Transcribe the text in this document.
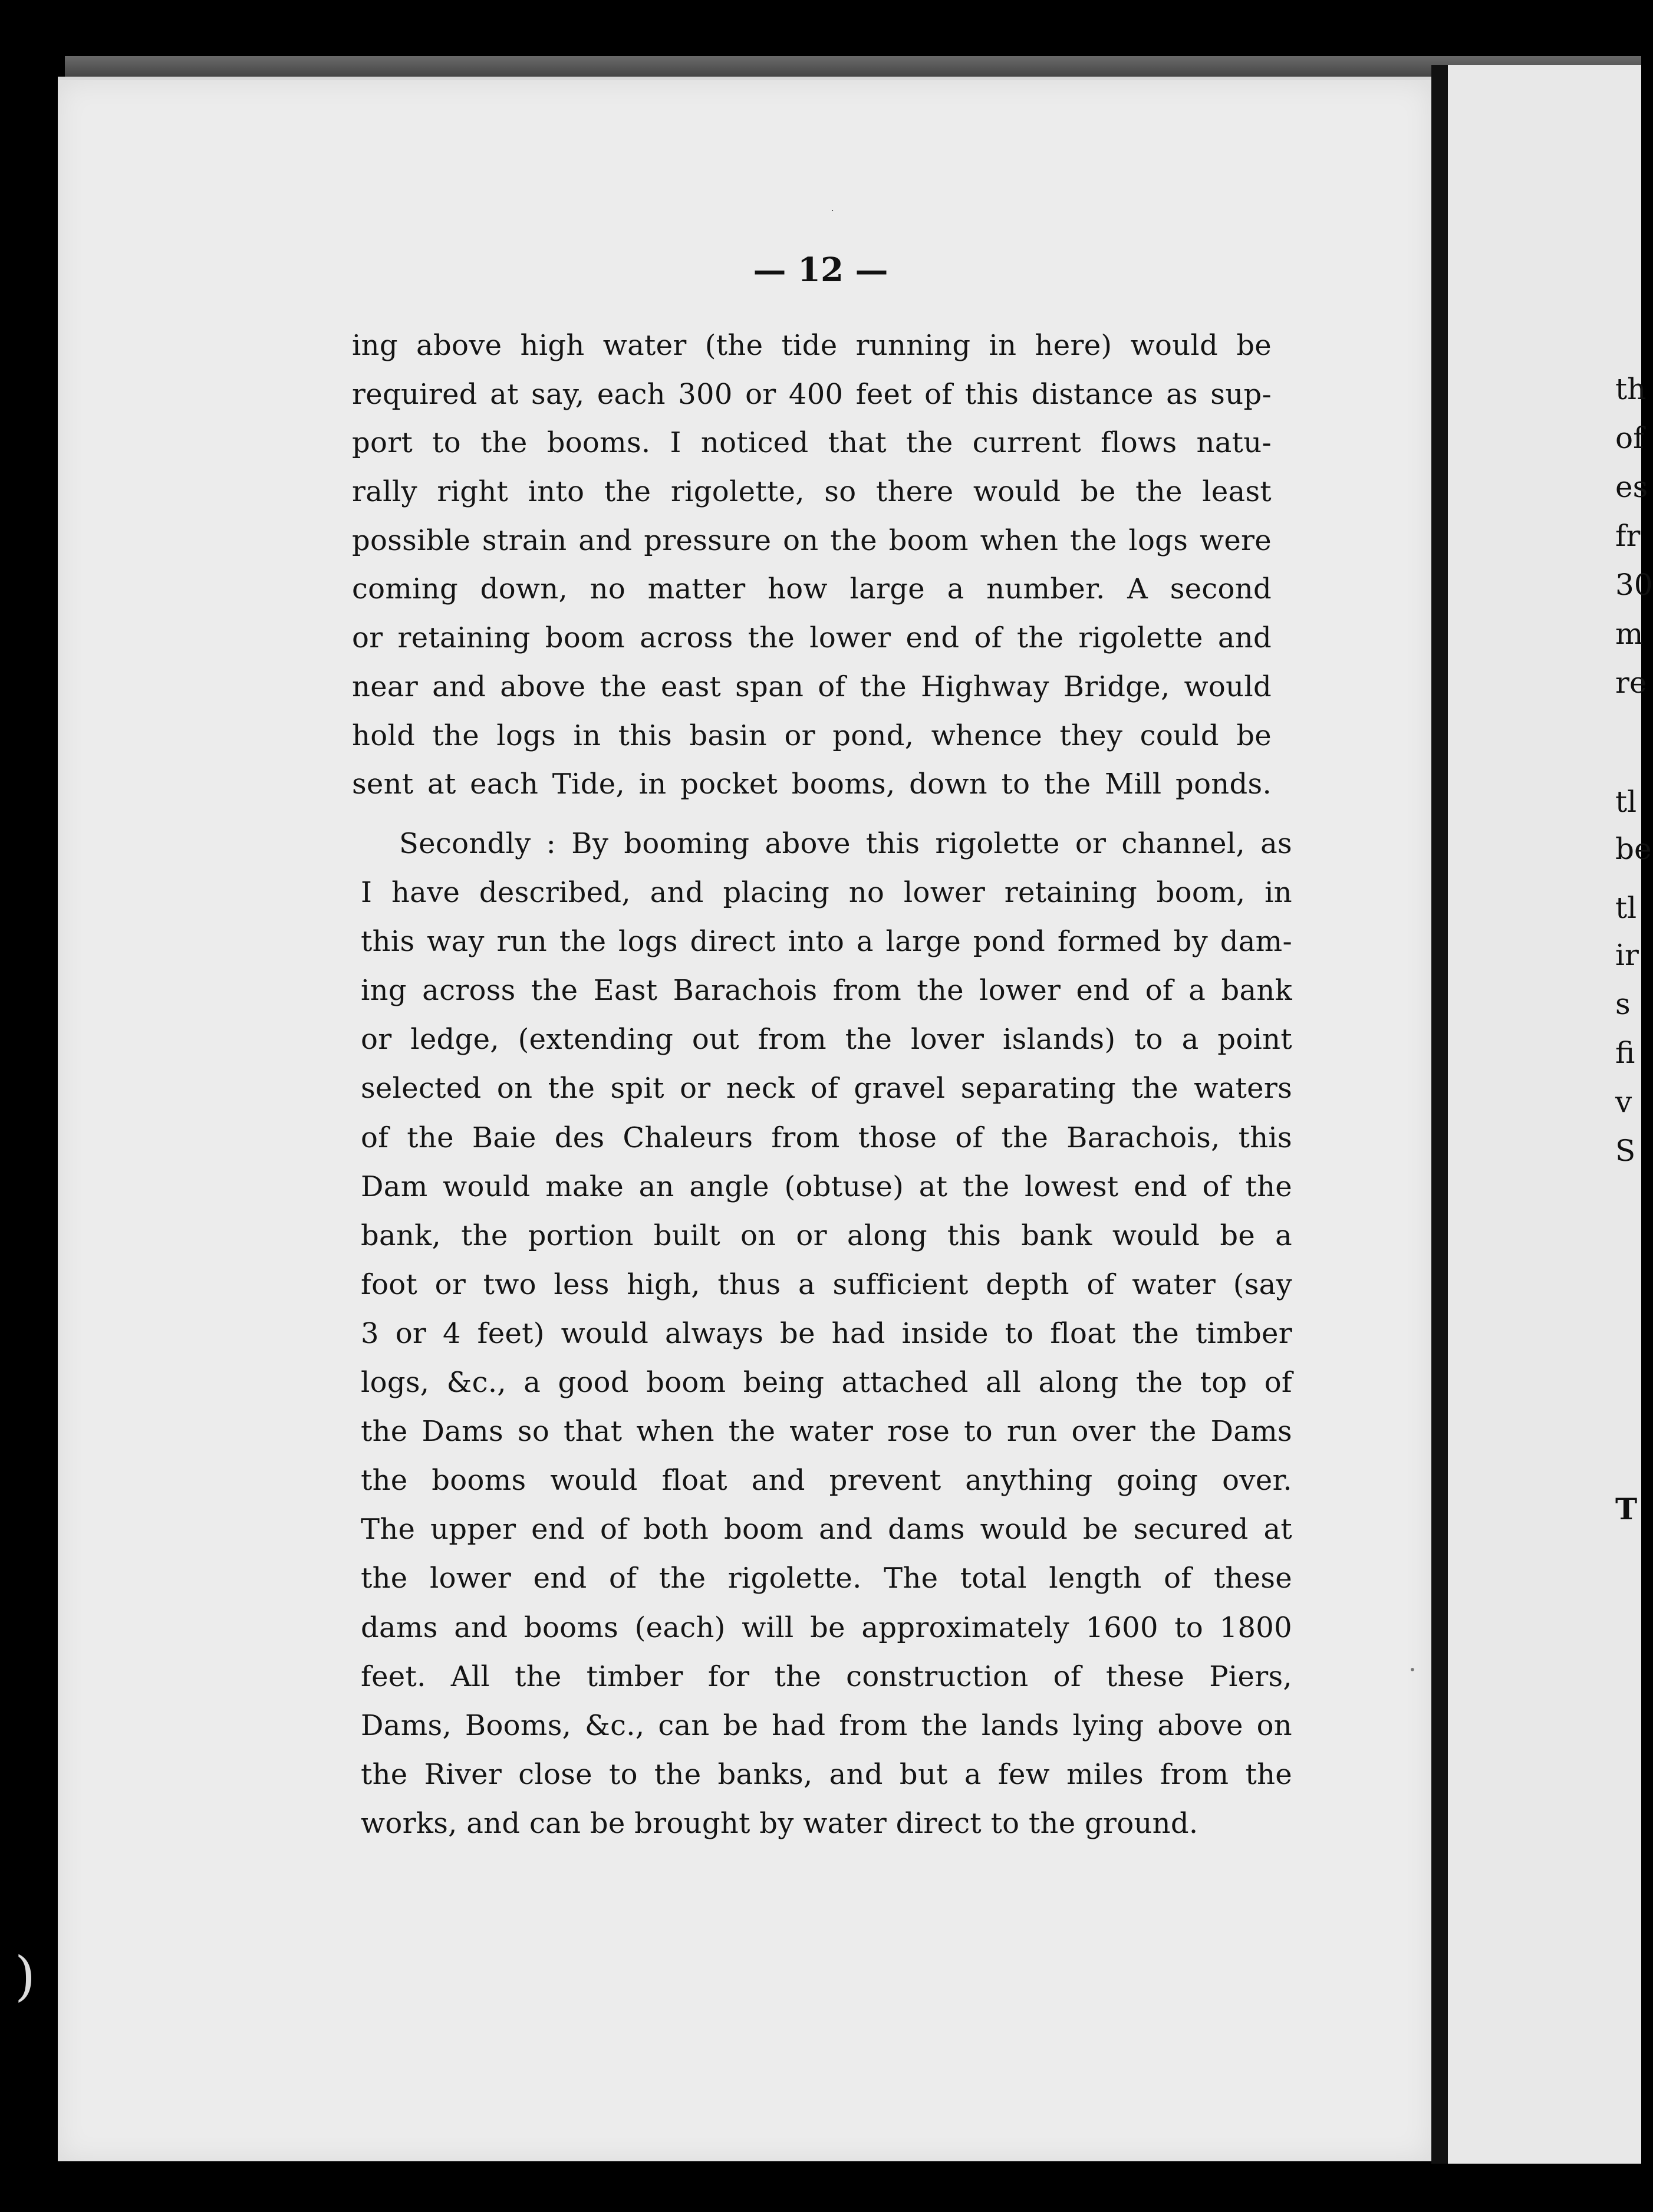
th
of
es
fr
30
m
re
tl
be
tl
ir
s
fi
v
S
T
)
·
•
— 12 —
ing above high water (the tide running in here) would be
required at say, each 300 or 400 feet of this distance as sup-
port to the booms. I noticed that the current flows natu-
rally right into the rigolette, so there would be the least
possible strain and pressure on the boom when the logs were
coming down, no matter how large a number. A second
or retaining boom across the lower end of the rigolette and
near and above the east span of the Highway Bridge, would
hold the logs in this basin or pond, whence they could be
sent at each Tide, in pocket booms, down to the Mill ponds.
Secondly : By booming above this rigolette or channel, as
I have described, and placing no lower retaining boom, in
this way run the logs direct into a large pond formed by dam-
ing across the East Barachois from the lower end of a bank
or ledge, (extending out from the lover islands) to a point
selected on the spit or neck of gravel separating the waters
of the Baie des Chaleurs from those of the Barachois, this
Dam would make an angle (obtuse) at the lowest end of the
bank, the portion built on or along this bank would be a
foot or two less high, thus a sufficient depth of water (say
3 or 4 feet) would always be had inside to float the timber
logs, &c., a good boom being attached all along the top of
the Dams so that when the water rose to run over the Dams
the booms would float and prevent anything going over.
The upper end of both boom and dams would be secured at
the lower end of the rigolette. The total length of these
dams and booms (each) will be approximately 1600 to 1800
feet. All the timber for the construction of these Piers,
Dams, Booms, &c., can be had from the lands lying above on
the River close to the banks, and but a few miles from the
works, and can be brought by water direct to the ground.
